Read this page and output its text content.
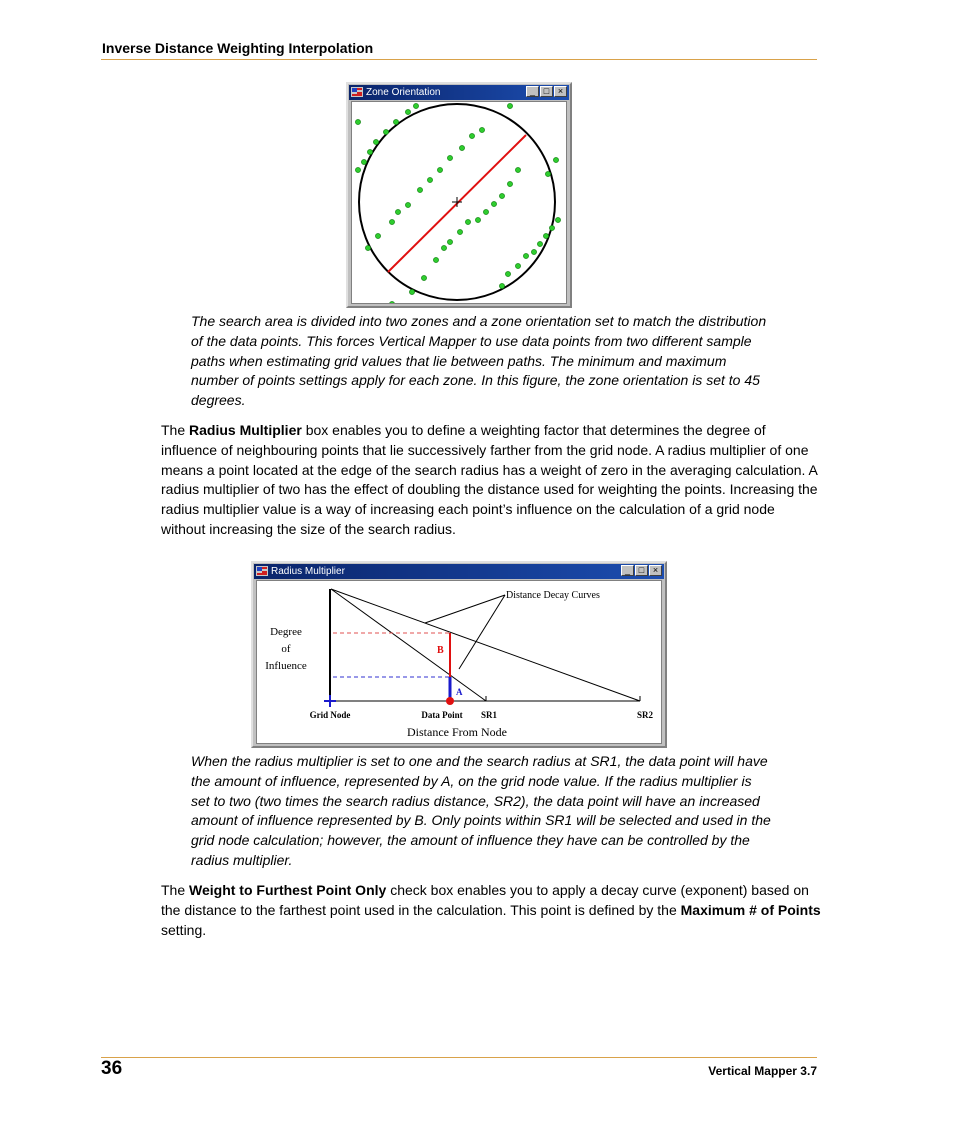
Inverse Distance Weighting Interpolation
Zone Orientation	_ □ ×
The search area is divided into two zones and a zone orientation set to match the distribution of the data points. This forces Vertical Mapper to use data points from two different sample paths when estimating grid values that lie between paths. The minimum and maximum number of points settings apply for each zone. In this figure, the zone orientation is set to 45 degrees.
The Radius Multiplier box enables you to define a weighting factor that determines the degree of influence of neighbouring points that lie successively farther from the grid node. A radius multiplier of one means a point located at the edge of the search radius has a weight of zero in the averaging calculation. A radius multiplier of two has the effect of doubling the distance used for weighting the points. Increasing the radius multiplier value is a way of increasing each point’s influence on the calculation of a grid node without increasing the size of the search radius.
Radius Multiplier	_ □ ×
Distance Decay Curves
Degree
of
Influence
B
A
Grid Node	Data Point SR1	SR2
Distance From Node
When the radius multiplier is set to one and the search radius at SR1, the data point will have the amount of influence, represented by A, on the grid node value. If the radius multiplier is set to two (two times the search radius distance, SR2), the data point will have an increased amount of influence represented by B. Only points within SR1 will be selected and used in the grid node calculation; however, the amount of influence they have can be controlled by the radius multiplier.
The Weight to Furthest Point Only check box enables you to apply a decay curve (exponent) based on the distance to the farthest point used in the calculation. This point is defined by the Maximum # of Points setting.
36	Vertical Mapper 3.7
